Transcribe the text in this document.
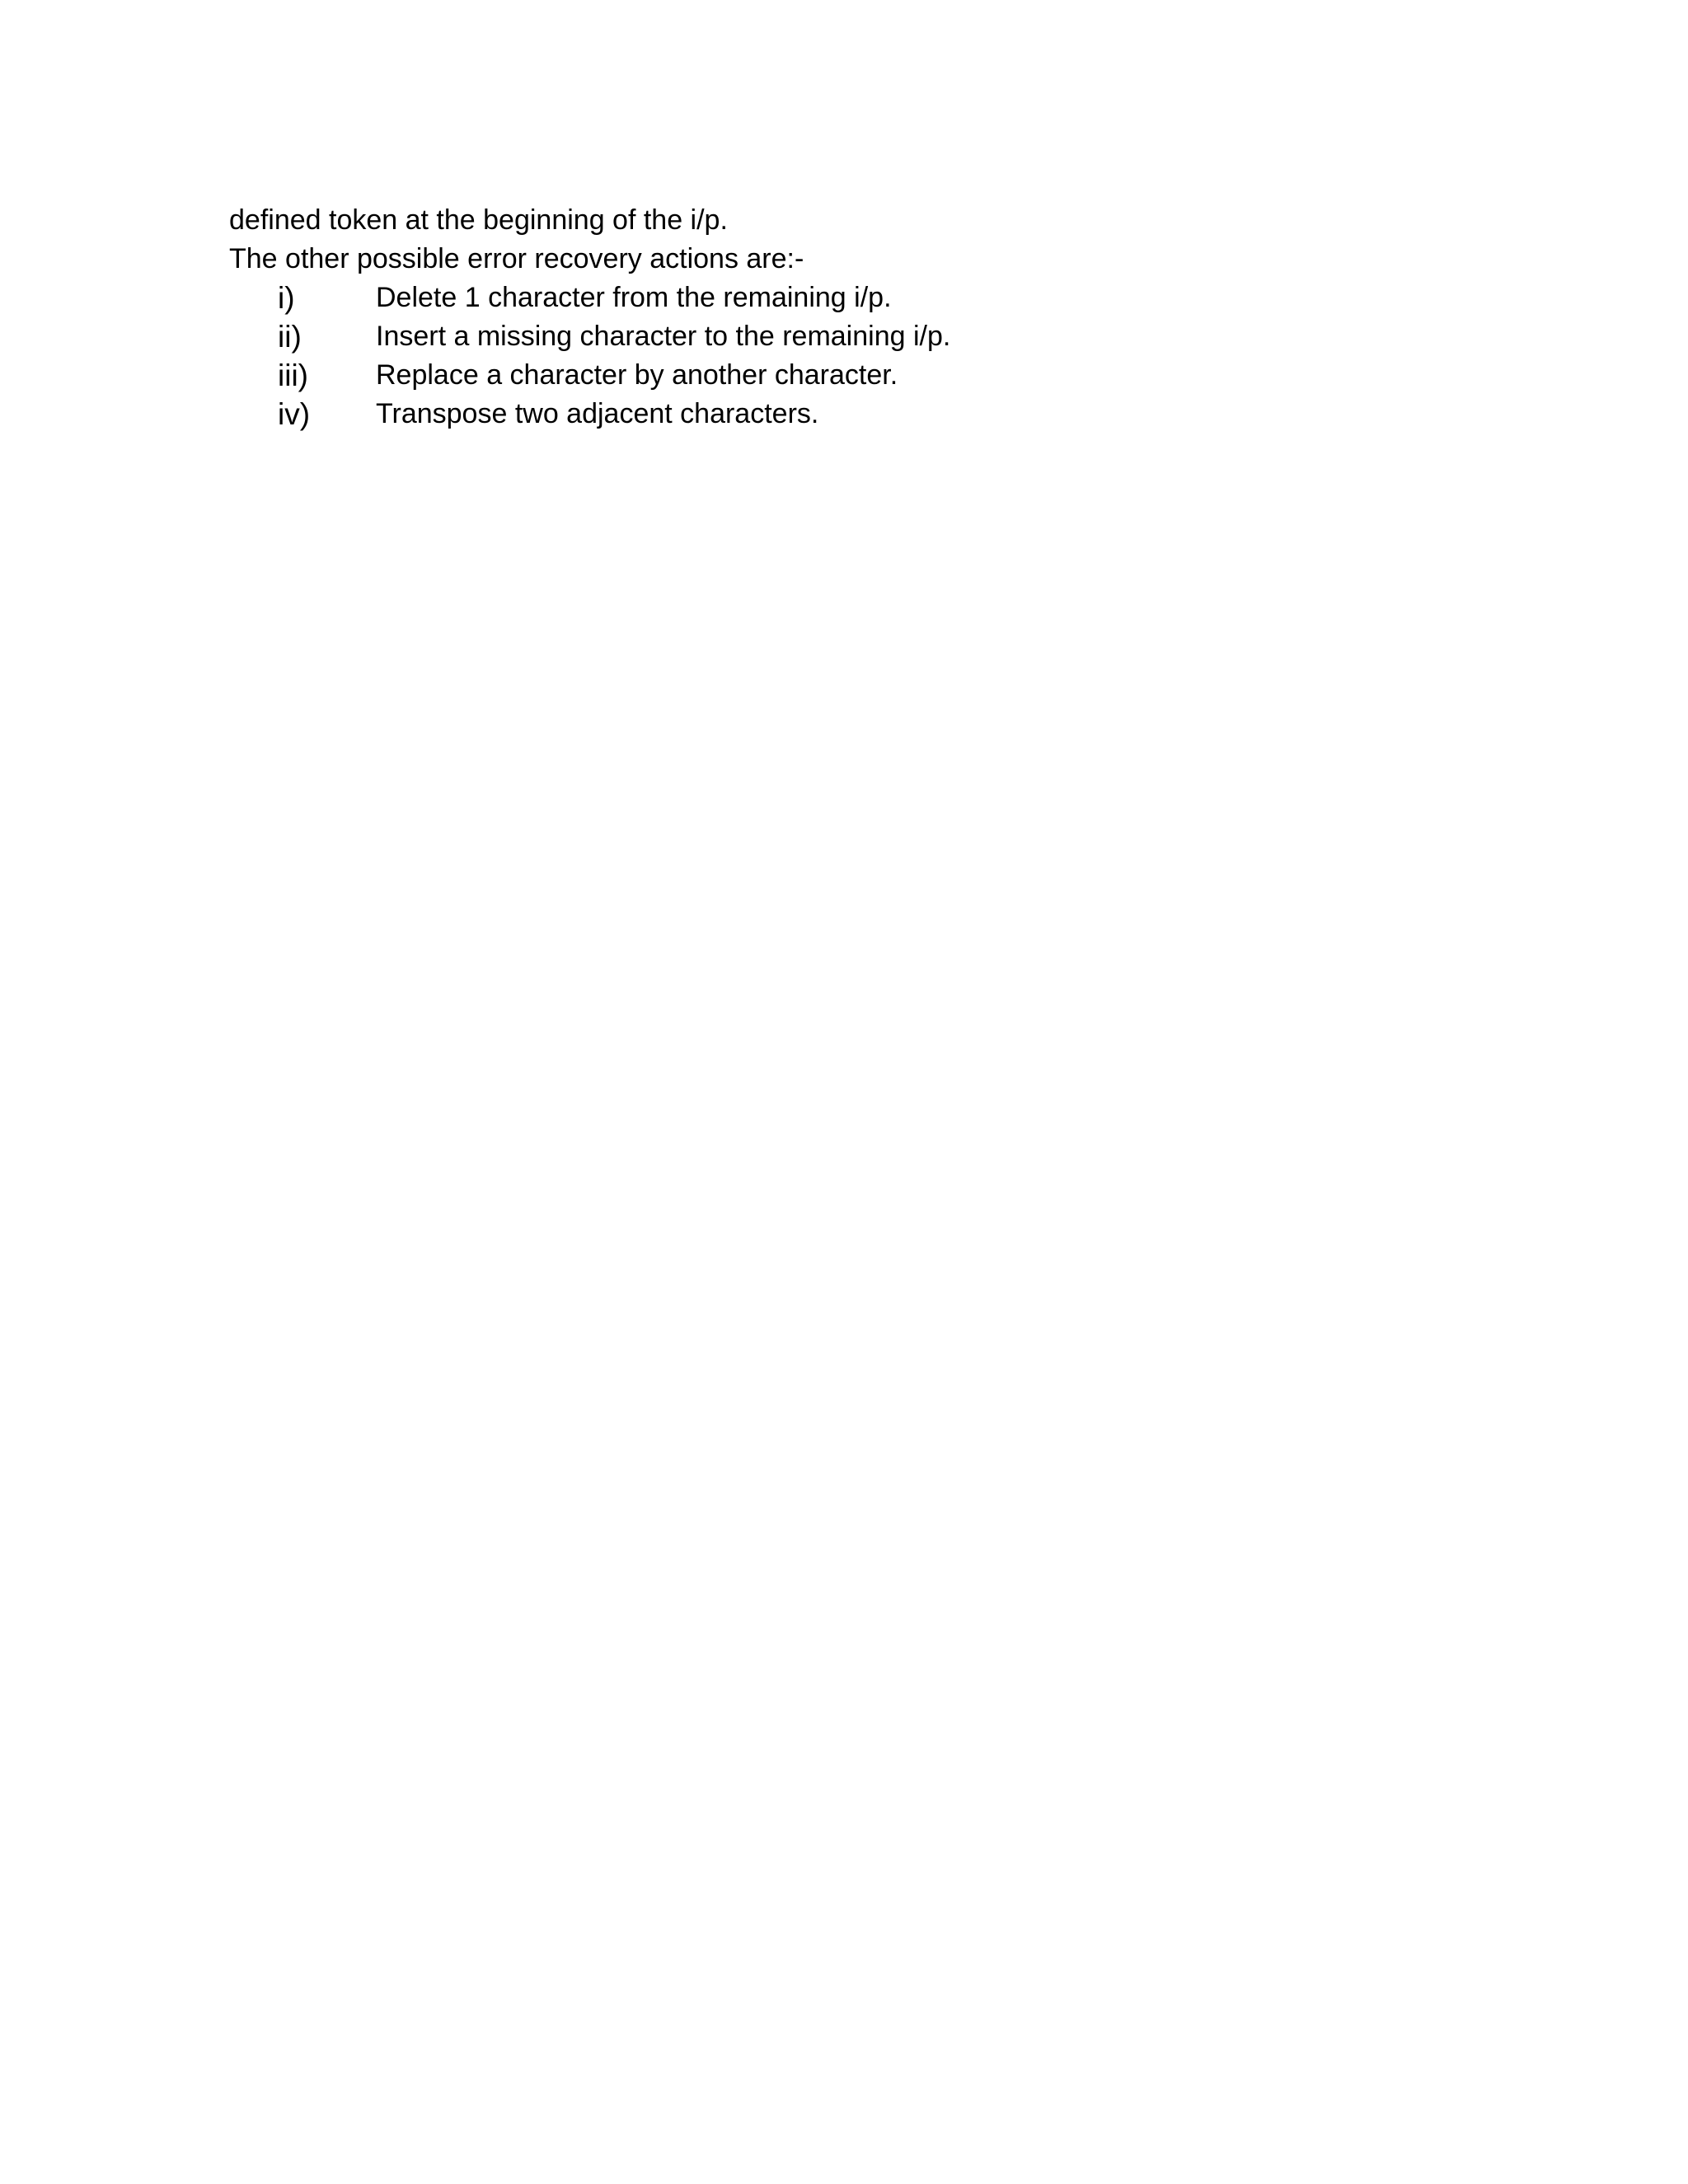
defined token at the beginning of the i/p.
The other possible error recovery actions are:-
i)	Delete 1 character from the remaining i/p.
ii)	Insert a missing character to the remaining i/p.
iii)	Replace a character by another character.
iv)	Transpose two adjacent characters.
